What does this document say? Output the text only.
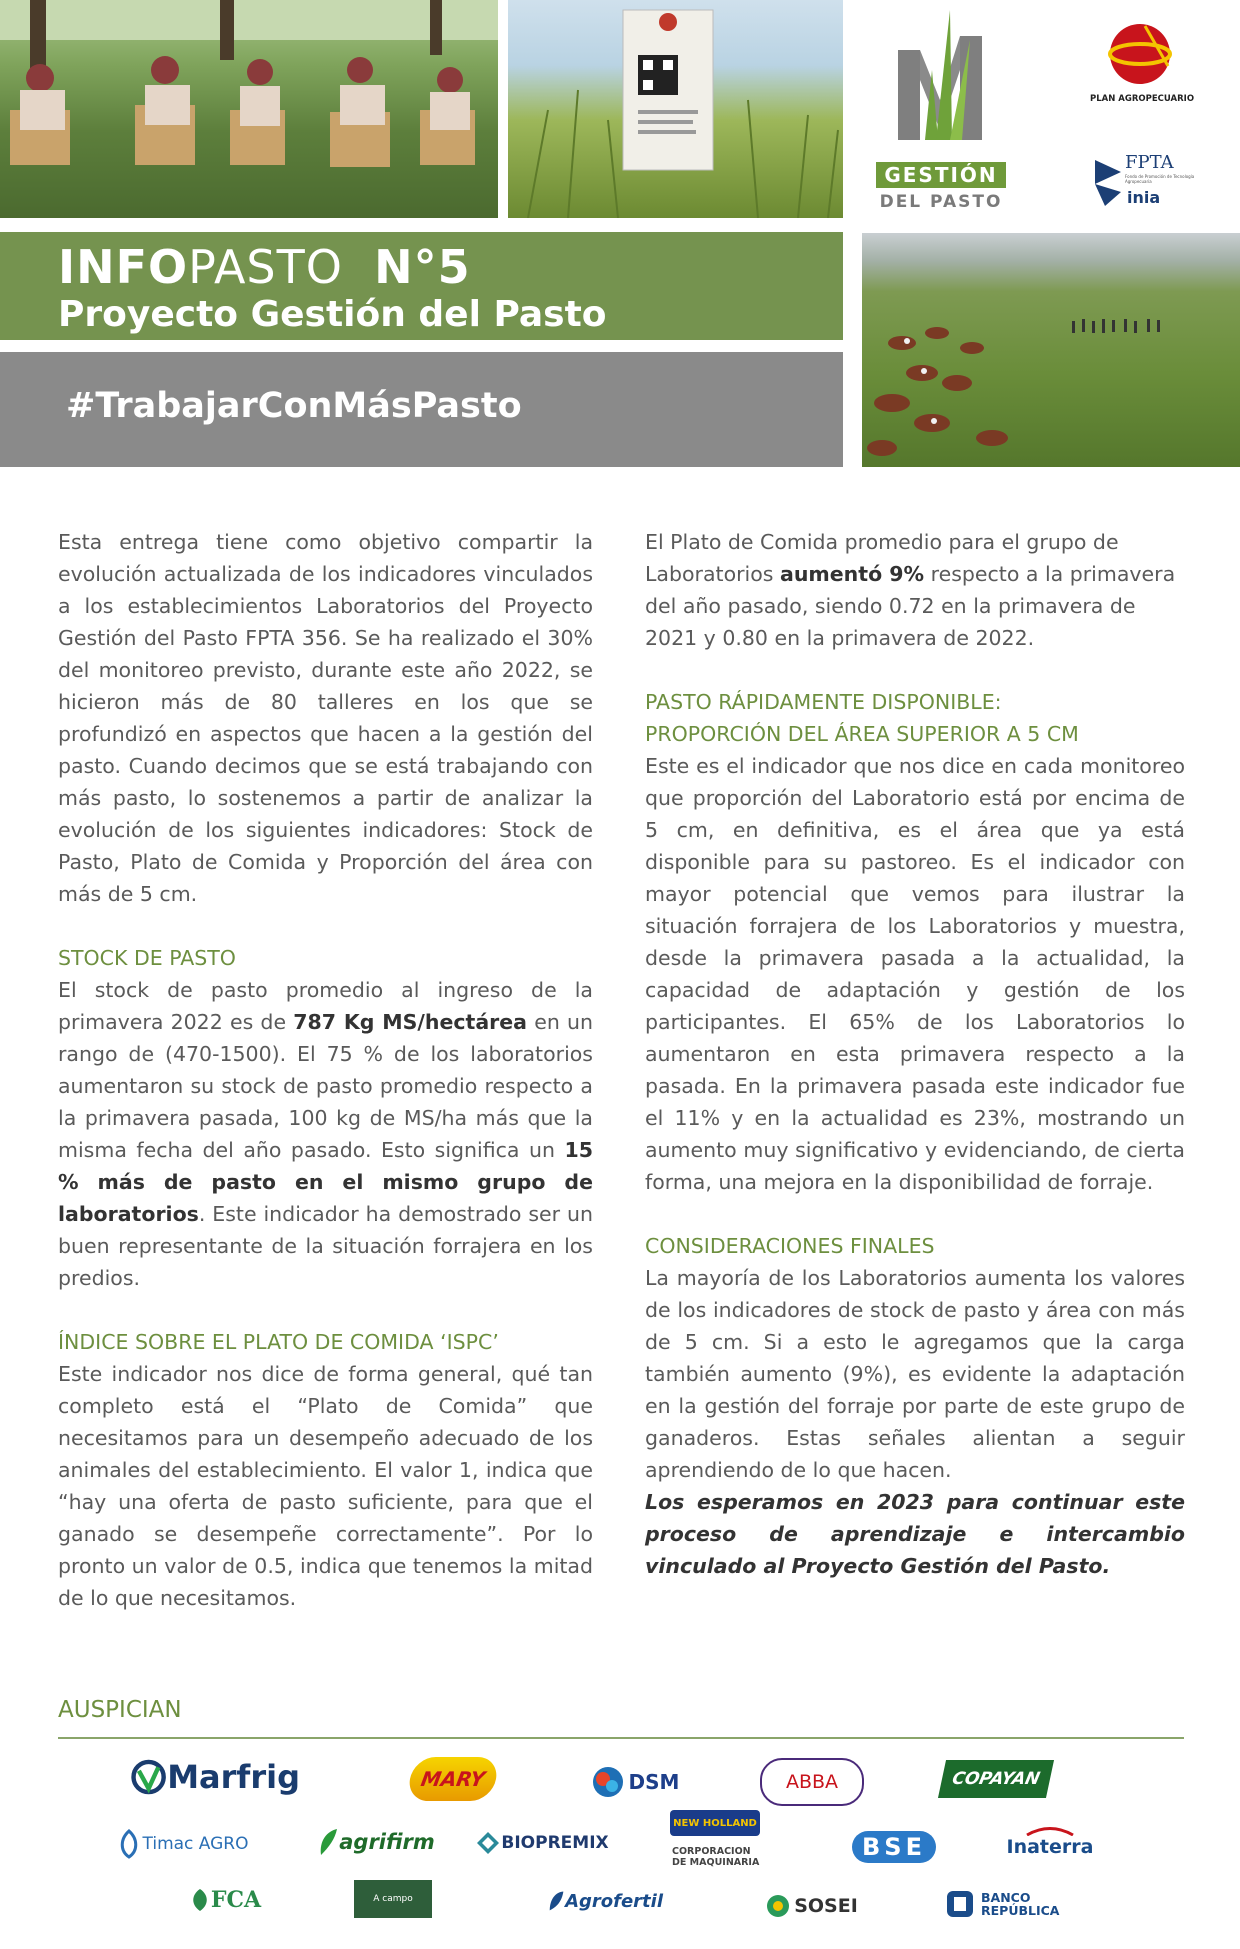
GESTIÓN
DEL PASTO
PLAN AGROPECUARIO
FPTA
Fondo de Promoción de Tecnología Agropecuaria
inia
INFOPASTO N°5
Proyecto Gestión del Pasto
#TrabajarConMásPasto

Esta entrega tiene como objetivo compartir la evolución actualizada de los indicadores vinculados a los establecimientos Laboratorios del Proyecto Gestión del Pasto FPTA 356. Se ha realizado el 30% del monitoreo previsto, durante este año 2022, se hicieron más de 80 talleres en los que se profundizó en aspectos que hacen a la gestión del pasto. Cuando decimos que se está trabajando con más pasto, lo sostenemos a partir de analizar la evolución de los siguientes indicadores: Stock de Pasto, Plato de Comida y Proporción del área con más de 5 cm.

STOCK DE PASTO

El stock de pasto promedio al ingreso de la primavera 2022 es de 787 Kg MS/hectárea en un rango de (470-1500). El 75 % de los laboratorios aumentaron su stock de pasto promedio respecto a la primavera pasada, 100 kg de MS/ha más que la misma fecha del año pasado. Esto significa un 15 % más de pasto en el mismo grupo de laboratorios. Este indicador ha demostrado ser un buen representante de la situación forrajera en los predios.

ÍNDICE SOBRE EL PLATO DE COMIDA ‘ISPC’

Este indicador nos dice de forma general, qué tan completo está el “Plato de Comida” que necesitamos para un desempeño adecuado de los animales del establecimiento. El valor 1, indica que “hay una oferta de pasto suficiente, para que el ganado se desempeñe correctamente”. Por lo pronto un valor de 0.5, indica que tenemos la mitad de lo que necesitamos.

El Plato de Comida promedio para el grupo de Laboratorios aumentó 9% respecto a la primavera del año pasado, siendo 0.72 en la primavera de 2021 y 0.80 en la primavera de 2022.

PASTO RÁPIDAMENTE DISPONIBLE:

PROPORCIÓN DEL ÁREA SUPERIOR A 5 CM

Este es el indicador que nos dice en cada monitoreo que proporción del Laboratorio está por encima de 5 cm, en definitiva, es el área que ya está disponible para su pastoreo. Es el indicador con mayor potencial que vemos para ilustrar la situación forrajera de los Laboratorios y muestra, desde la primavera pasada a la actualidad, la capacidad de adaptación y gestión de los participantes. El 65% de los Laboratorios lo aumentaron en esta primavera respecto a la pasada. En la primavera pasada este indicador fue el 11% y en la actualidad es 23%, mostrando un aumento muy significativo y evidenciando, de cierta forma, una mejora en la disponibilidad de forraje.

CONSIDERACIONES FINALES

La mayoría de los Laboratorios aumenta los valores de los indicadores de stock de pasto y área con más de 5 cm. Si a esto le agregamos que la carga también aumento (9%), es evidente la adaptación en la gestión del forraje por parte de este grupo de ganaderos. Estas señales alientan a seguir aprendiendo de lo que hacen.

Los esperamos en 2023 para continuar este proceso de aprendizaje e intercambio vinculado al Proyecto Gestión del Pasto.

AUSPICIAN
Marfrig	MARY	DSM	ABBA	COPAYAN
Timac AGRO	agrifirm	BIOPREMIX
NEW HOLLAND
CORPORACION DE MAQUINARIA
BSE	Inaterra
FCA	A campo	Agrofertil	SOSEI	BANCO REPÚBLICA
